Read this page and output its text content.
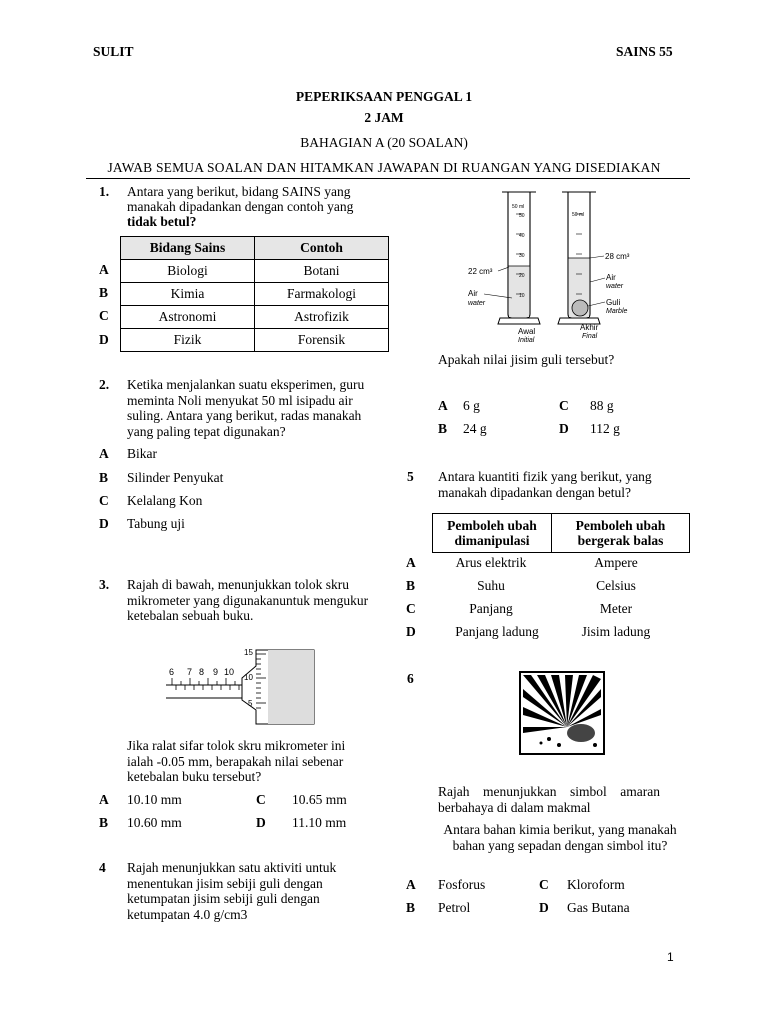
SULIT	SAINS 55
PEPERIKSAAN PENGGAL 1
2 JAM
BAHAGIAN A (20 SOALAN)
JAWAB SEMUA SOALAN DAN HITAMKAN JAWAPAN DI RUANGAN YANG DISEDIAKAN
1. Antara yang berikut, bidang SAINS yang
manakah dipadankan dengan contoh yang
tidak betul?
A
B
C
D
Bidang Sains	Contoh
Biologi	Botani
Kimia	Farmakologi
Astronomi	Astrofizik
Fizik	Forensik
2. Ketika menjalankan suatu eksperimen, guru
meminta Noli menyukat 50 ml isipadu air
suling. Antara yang berikut, radas manakah
yang paling tepat digunakan?
A Bikar
B Silinder Penyukat
C Kelalang Kon
D Tabung uji
3. Rajah di bawah, menunjukkan tolok skru
mikrometer yang digunakanuntuk mengukur
ketebalan sebuah buku.
6 7 8 9 10
15
10
5
Jika ralat sifar tolok skru mikrometer ini
ialah -0.05 mm, berapakah nilai sebenar
ketebalan buku tersebut?
A 10.10 mm
B 10.60 mm
C 10.65 mm
D 11.10 mm
4 Rajah menunjukkan satu aktiviti untuk
menentukan jisim sebiji guli dengan
ketumpatan jisim sebiji guli dengan
ketumpatan 4.0 g/cm3
50 ml
50
40
30
20
10
22 cm³
Air
water
Awal
Initial
50 ml
28 cm³
Air
water
Guli
Marble
Akhir
Final
Apakah nilai jisim guli tersebut?
A 6 g
B 24 g
C 88 g
D 112 g
5 Antara kuantiti fizik yang berikut, yang
manakah dipadankan dengan betul?
Pemboleh ubah
dimanipulasi

Pemboleh ubah
bergerak balas
A	Arus elektrik	Ampere
B	Suhu	Celsius
C	Panjang	Meter
D	Panjang ladung	Jisim ladung
6
Rajah    menunjukkan    simbol    amaran
berbahaya di dalam makmal
Antara bahan kimia berikut, yang manakah
bahan yang sepadan dengan simbol itu?
A Fosforus
B Petrol
C Kloroform
D Gas Butana
1
